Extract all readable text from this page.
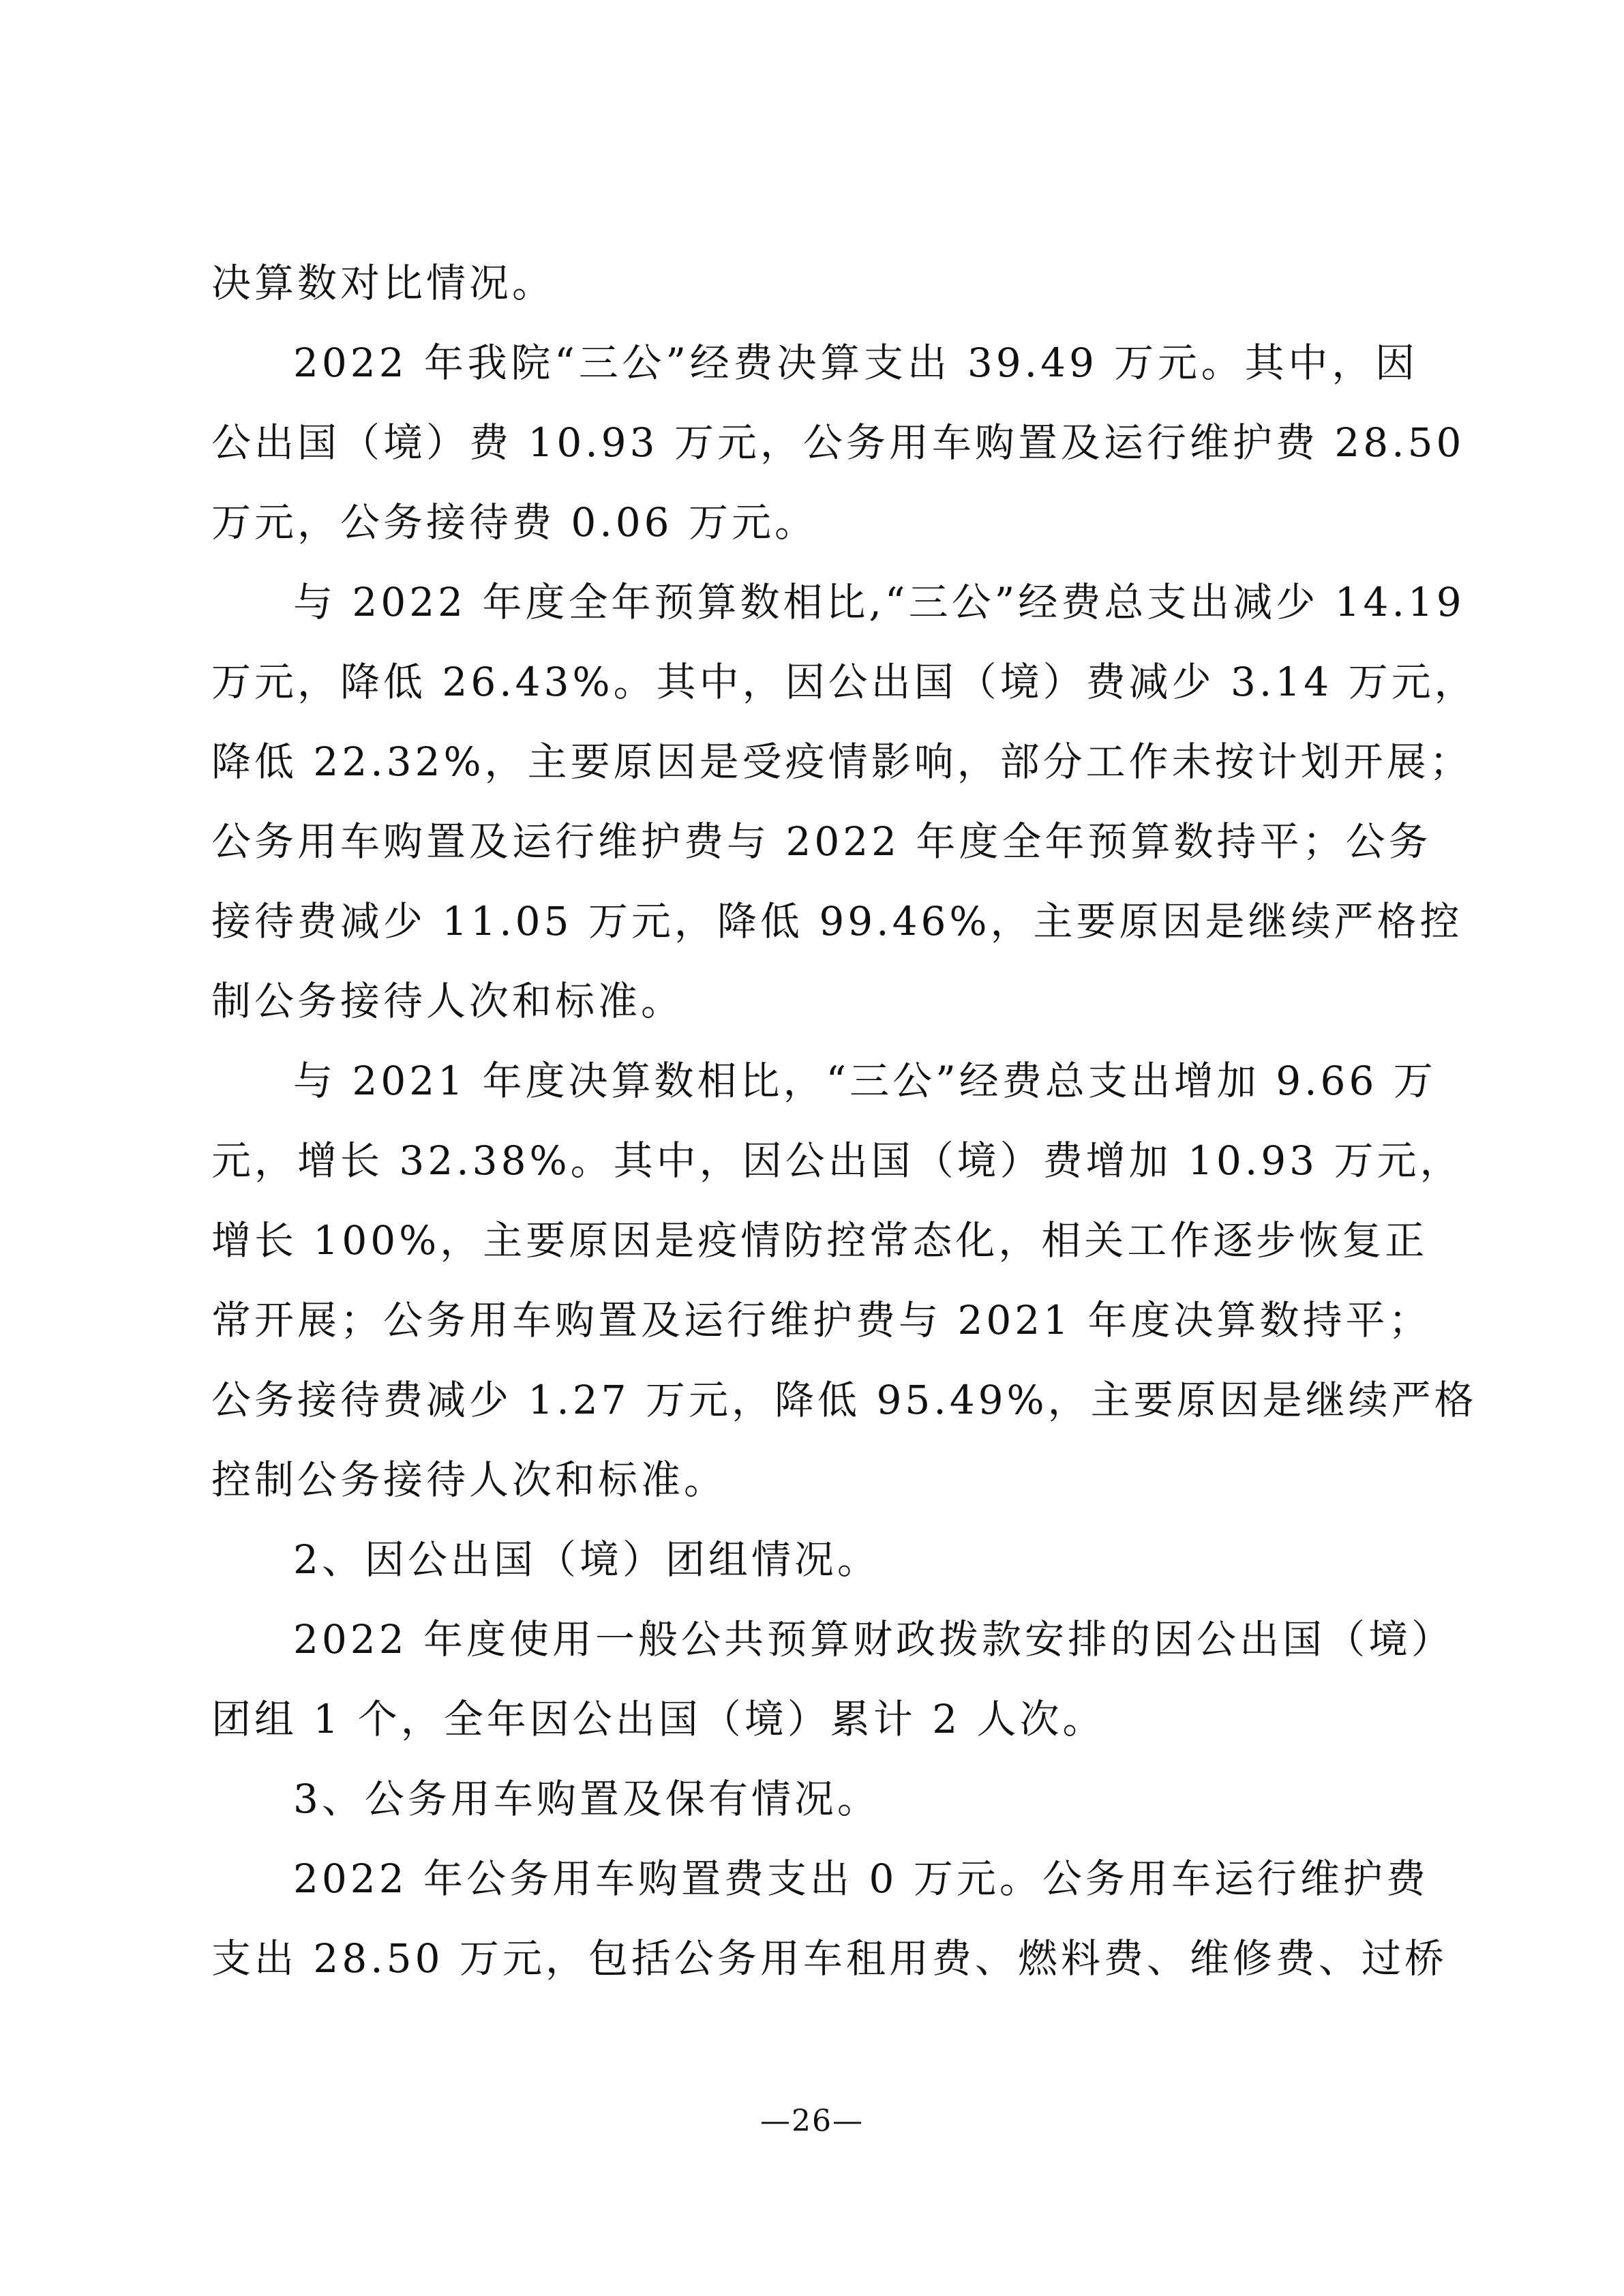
决算数对比情况。
2022 年我院“三公”经费决算支出 39.49 万元。其中，因
公出国（境）费 10.93 万元，公务用车购置及运行维护费 28.50
万元，公务接待费 0.06 万元。
与 2022 年度全年预算数相比,“三公”经费总支出减少 14.19
万元，降低 26.43%。其中，因公出国（境）费减少 3.14 万元，
降低 22.32%，主要原因是受疫情影响，部分工作未按计划开展；
公务用车购置及运行维护费与 2022 年度全年预算数持平；公务
接待费减少 11.05 万元，降低 99.46%，主要原因是继续严格控
制公务接待人次和标准。
与 2021 年度决算数相比，“三公”经费总支出增加 9.66 万
元，增长 32.38%。其中，因公出国（境）费增加 10.93 万元，
增长 100%，主要原因是疫情防控常态化，相关工作逐步恢复正
常开展；公务用车购置及运行维护费与 2021 年度决算数持平；
公务接待费减少 1.27 万元，降低 95.49%，主要原因是继续严格
控制公务接待人次和标准。
2、因公出国（境）团组情况。
2022 年度使用一般公共预算财政拨款安排的因公出国（境）
团组 1 个，全年因公出国（境）累计 2 人次。
3、公务用车购置及保有情况。
2022 年公务用车购置费支出 0 万元。公务用车运行维护费
支出 28.50 万元，包括公务用车租用费、燃料费、维修费、过桥
—26—
